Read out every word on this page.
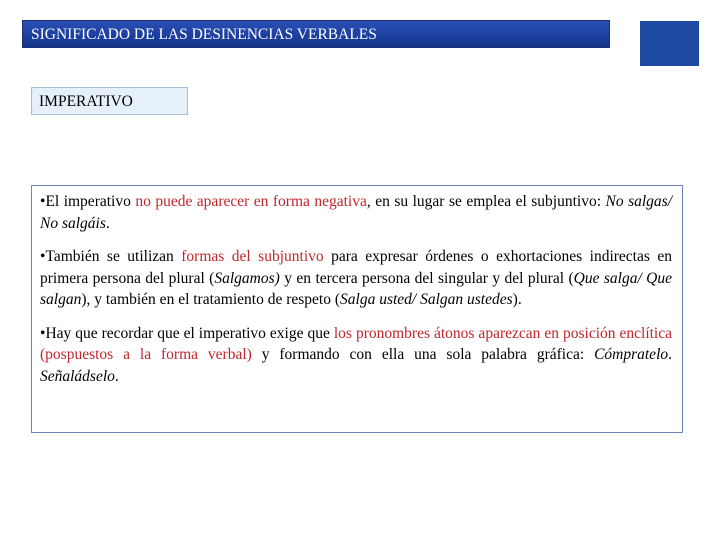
SIGNIFICADO DE LAS DESINENCIAS VERBALES
IMPERATIVO

•El imperativo no puede aparecer en forma negativa, en su lugar se emplea el subjuntivo: No salgas/ No salgáis.

•También se utilizan formas del subjuntivo para expresar órdenes o exhortaciones indirectas en primera persona del plural (Salgamos) y en tercera persona del singular y del plural (Que salga/ Que salgan), y también en el tratamiento de respeto (Salga usted/ Salgan ustedes).

•Hay que recordar que el imperativo exige que los pronombres átonos aparezcan en posición enclítica (pospuestos a la forma verbal) y formando con ella una sola palabra gráfica: Cómpratelo. Señaládselo.
